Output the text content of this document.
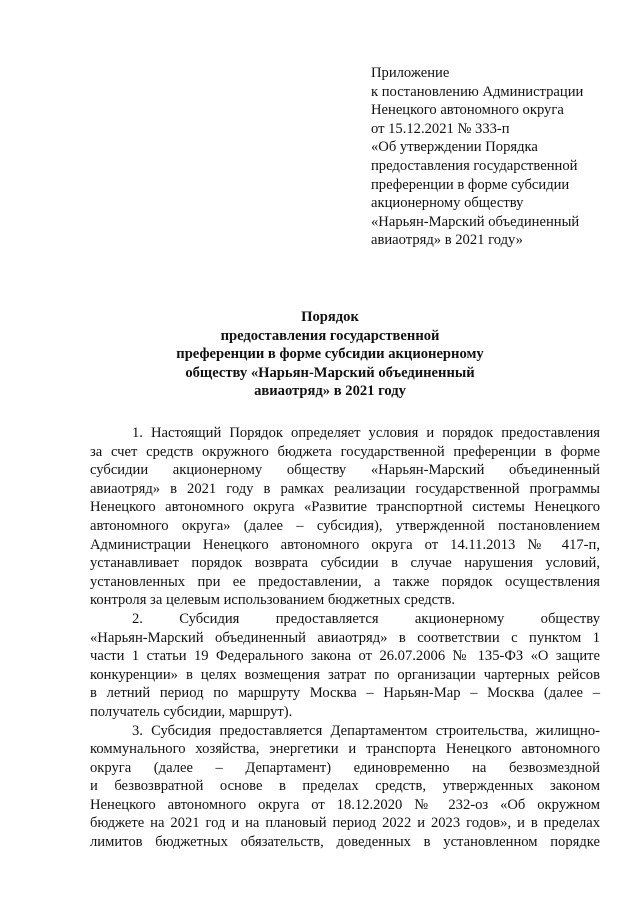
Приложение
к постановлению Администрации
Ненецкого автономного округа
от 15.12.2021 № 333-п
«Об утверждении Порядка
предоставления государственной
преференции в форме субсидии
акционерному обществу
«Нарьян-Марский объединенный
авиаотряд» в 2021 году»
Порядок
предоставления государственной
преференции в форме субсидии акционерному
обществу «Нарьян-Марский объединенный
авиаотряд» в 2021 году
1. Настоящий Порядок определяет условия и порядок предоставления
за счет средств окружного бюджета государственной преференции в форме
субсидии акционерному обществу «Нарьян-Марский объединенный
авиаотряд» в 2021 году в рамках реализации государственной программы
Ненецкого автономного округа «Развитие транспортной системы Ненецкого
автономного округа» (далее – субсидия), утвержденной постановлением
Администрации Ненецкого автономного округа от 14.11.2013 № 417-п,
устанавливает порядок возврата субсидии в случае нарушения условий,
установленных при ее предоставлении, а также порядок осуществления
контроля за целевым использованием бюджетных средств.
2. Субсидия предоставляется акционерному обществу
«Нарьян-Марский объединенный авиаотряд» в соответствии с пунктом 1
части 1 статьи 19 Федерального закона от 26.07.2006 № 135-ФЗ «О защите
конкуренции» в целях возмещения затрат по организации чартерных рейсов
в летний период по маршруту Москва – Нарьян-Мар – Москва (далее –
получатель субсидии, маршрут).
3. Субсидия предоставляется Департаментом строительства, жилищно-
коммунального хозяйства, энергетики и транспорта Ненецкого автономного
округа (далее – Департамент) единовременно на безвозмездной
и безвозвратной основе в пределах средств, утвержденных законом
Ненецкого автономного округа от 18.12.2020 № 232-оз «Об окружном
бюджете на 2021 год и на плановый период 2022 и 2023 годов», и в пределах
лимитов бюджетных обязательств, доведенных в установленном порядке
